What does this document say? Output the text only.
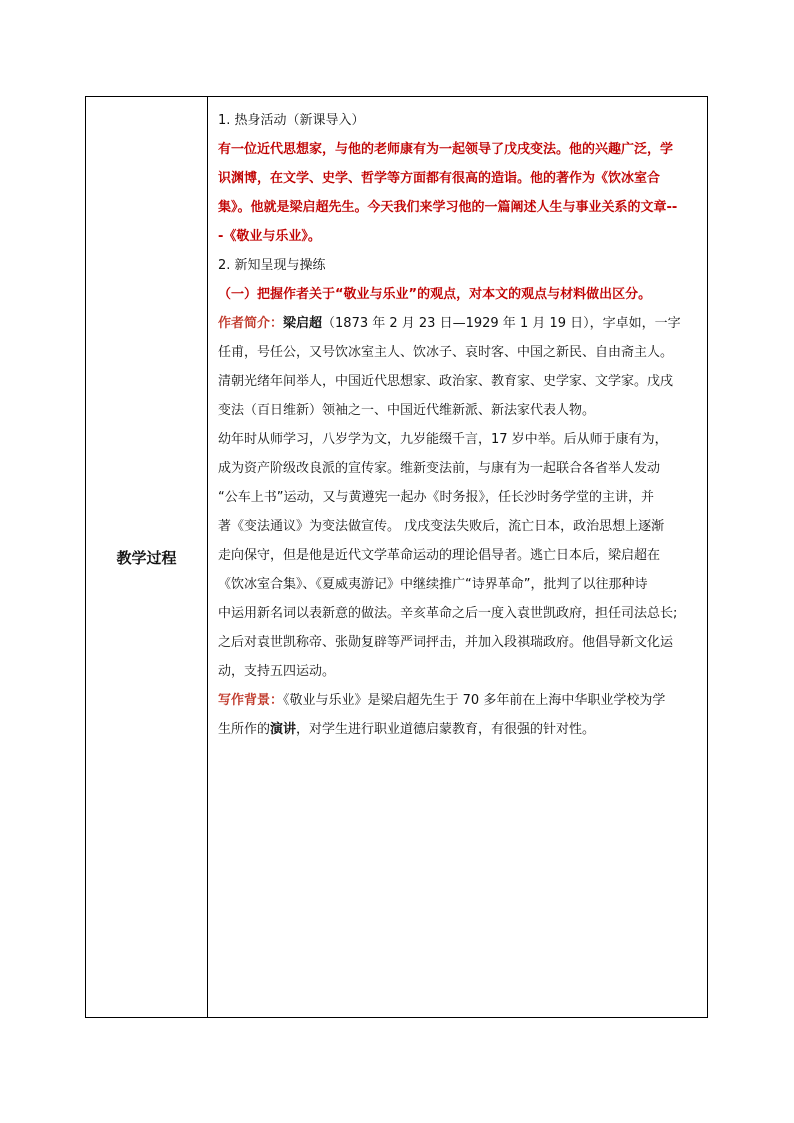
教学过程
1. 热身活动（新课导入）
有一位近代思想家，与他的老师康有为一起领导了戊戌变法。他的兴趣广泛，学
识渊博，在文学、史学、哲学等方面都有很高的造诣。他的著作为《饮冰室合
集》。他就是梁启超先生。今天我们来学习他的一篇阐述人生与事业关系的文章--
-《敬业与乐业》。
2. 新知呈现与操练
（一）把握作者关于“敬业与乐业”的观点，对本文的观点与材料做出区分。
作者简介：梁启超（1873 年 2 月 23 日—1929 年 1 月 19 日），字卓如，一字
任甫，号任公，又号饮冰室主人、饮冰子、哀时客、中国之新民、自由斋主人。
清朝光绪年间举人，中国近代思想家、政治家、教育家、史学家、文学家。戊戌
变法（百日维新）领袖之一、中国近代维新派、新法家代表人物。
幼年时从师学习，八岁学为文，九岁能缀千言，17 岁中举。后从师于康有为，
成为资产阶级改良派的宣传家。维新变法前，与康有为一起联合各省举人发动
“公车上书”运动，又与黄遵宪一起办《时务报》，任长沙时务学堂的主讲，并
著《变法通议》为变法做宣传。 戊戌变法失败后，流亡日本，政治思想上逐渐
走向保守，但是他是近代文学革命运动的理论倡导者。逃亡日本后，梁启超在
《饮冰室合集》、《夏威夷游记》中继续推广“诗界革命”，批判了以往那种诗
中运用新名词以表新意的做法。辛亥革命之后一度入袁世凯政府，担任司法总长;
之后对袁世凯称帝、张勋复辟等严词抨击，并加入段祺瑞政府。他倡导新文化运
动，支持五四运动。
写作背景：《敬业与乐业》是梁启超先生于 70 多年前在上海中华职业学校为学
生所作的演讲，对学生进行职业道德启蒙教育，有很强的针对性。
